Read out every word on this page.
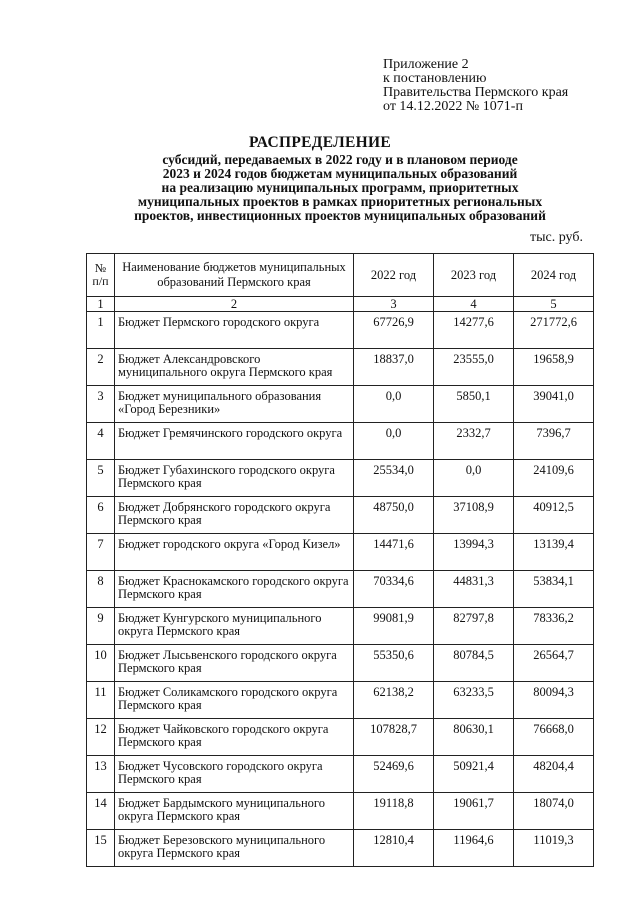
Приложение 2
к постановлению
Правительства Пермского края
от 14.12.2022 № 1071-п
РАСПРЕДЕЛЕНИЕ
субсидий, передаваемых в 2022 году и в плановом периоде
2023 и 2024 годов бюджетам муниципальных образований
на реализацию муниципальных программ, приоритетных
муниципальных проектов в рамках приоритетных региональных
проектов, инвестиционных проектов муниципальных образований
тыс. руб.
№ п/п	Наименование бюджетов муниципальных образований Пермского края	2022 год	2023 год	2024 год
1	2	3	4	5
1	Бюджет Пермского городского округа	67726,9	14277,6	271772,6
2	Бюджет Александровского муниципального округа Пермского края	18837,0	23555,0	19658,9
3	Бюджет муниципального образования «Город Березники»	0,0	5850,1	39041,0
4	Бюджет Гремячинского городского округа	0,0	2332,7	7396,7
5	Бюджет Губахинского городского округа Пермского края	25534,0	0,0	24109,6
6	Бюджет Добрянского городского округа Пермского края	48750,0	37108,9	40912,5
7	Бюджет городского округа «Город Кизел»	14471,6	13994,3	13139,4
8	Бюджет Краснокамского городского округа Пермского края	70334,6	44831,3	53834,1
9	Бюджет Кунгурского муниципального округа Пермского края	99081,9	82797,8	78336,2
10	Бюджет Лысьвенского городского округа Пермского края	55350,6	80784,5	26564,7
11	Бюджет Соликамского городского округа Пермского края	62138,2	63233,5	80094,3
12	Бюджет Чайковского городского округа Пермского края	107828,7	80630,1	76668,0
13	Бюджет Чусовского городского округа Пермского края	52469,6	50921,4	48204,4
14	Бюджет Бардымского муниципального округа Пермского края	19118,8	19061,7	18074,0
15	Бюджет Березовского муниципального округа Пермского края	12810,4	11964,6	11019,3
